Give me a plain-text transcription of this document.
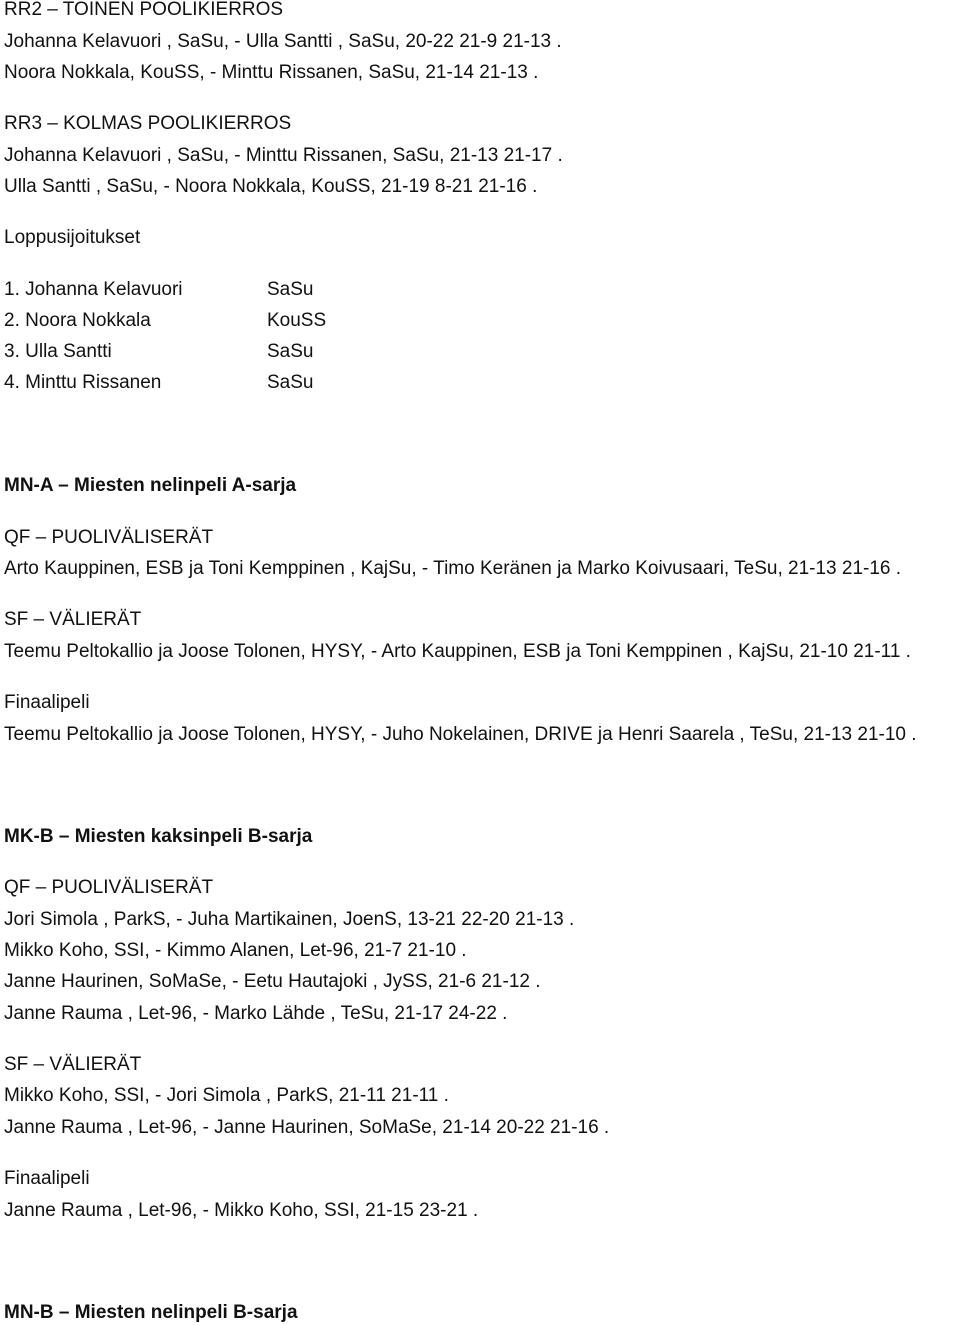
RR2 – TOINEN POOLIKIERROS
Johanna Kelavuori , SaSu, - Ulla Santti , SaSu, 20-22 21-9 21-13 .
Noora Nokkala, KouSS, - Minttu Rissanen, SaSu, 21-14 21-13 .
RR3 – KOLMAS POOLIKIERROS
Johanna Kelavuori , SaSu, - Minttu Rissanen, SaSu, 21-13 21-17 .
Ulla Santti , SaSu, - Noora Nokkala, KouSS, 21-19 8-21 21-16 .
Loppusijoitukset
1. Johanna Kelavuori	SaSu
2. Noora Nokkala	KouSS
3. Ulla Santti	SaSu
4. Minttu Rissanen	SaSu
MN-A – Miesten nelinpeli A-sarja
QF – PUOLIVÄLISERÄT
Arto Kauppinen, ESB ja Toni Kemppinen , KajSu, - Timo Keränen ja Marko Koivusaari, TeSu, 21-13 21-16 .
SF – VÄLIERÄT
Teemu Peltokallio ja Joose Tolonen, HYSY, - Arto Kauppinen, ESB ja Toni Kemppinen , KajSu, 21-10 21-11 .
Finaalipeli
Teemu Peltokallio ja Joose Tolonen, HYSY, - Juho Nokelainen, DRIVE ja Henri Saarela , TeSu, 21-13 21-10 .
MK-B – Miesten kaksinpeli B-sarja
QF – PUOLIVÄLISERÄT
Jori Simola , ParkS, - Juha Martikainen, JoenS, 13-21 22-20 21-13 .
Mikko Koho, SSI, - Kimmo Alanen, Let-96, 21-7 21-10 .
Janne Haurinen, SoMaSe, - Eetu Hautajoki , JySS, 21-6 21-12 .
Janne Rauma , Let-96, - Marko Lähde , TeSu, 21-17 24-22 .
SF – VÄLIERÄT
Mikko Koho, SSI, - Jori Simola , ParkS, 21-11 21-11 .
Janne Rauma , Let-96, - Janne Haurinen, SoMaSe, 21-14 20-22 21-16 .
Finaalipeli
Janne Rauma , Let-96, - Mikko Koho, SSI, 21-15 23-21 .
MN-B – Miesten nelinpeli B-sarja
